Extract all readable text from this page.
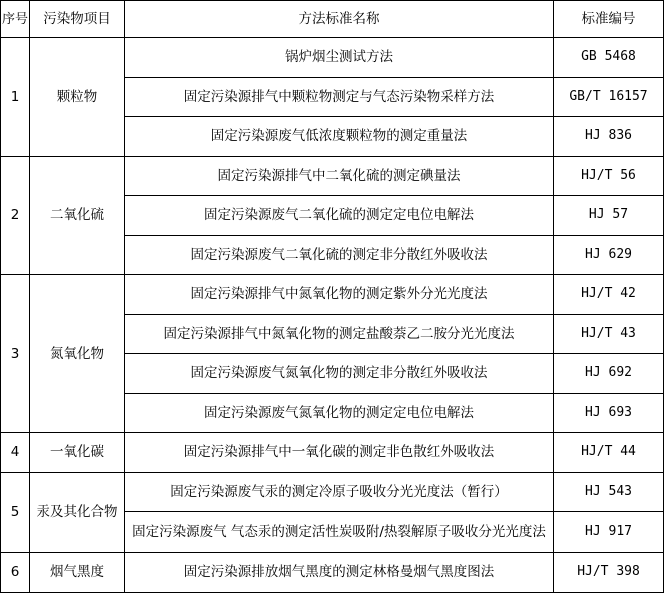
序号	污染物项目	方法标准名称	标准编号
1	颗粒物	锅炉烟尘测试方法	GB 5468
		固定污染源排气中颗粒物测定与气态污染物采样方法	GB/T 16157
		固定污染源废气低浓度颗粒物的测定重量法	HJ 836
2	二氧化硫	固定污染源排气中二氧化硫的测定碘量法	HJ/T 56
		固定污染源废气二氧化硫的测定定电位电解法	HJ 57
		固定污染源废气二氧化硫的测定非分散红外吸收法	HJ 629
3	氮氧化物	固定污染源排气中氮氧化物的测定紫外分光光度法	HJ/T 42
		固定污染源排气中氮氧化物的测定盐酸萘乙二胺分光光度法	HJ/T 43
		固定污染源废气氮氧化物的测定非分散红外吸收法	HJ 692
		固定污染源废气氮氧化物的测定定电位电解法	HJ 693
4	一氧化碳	固定污染源排气中一氧化碳的测定非色散红外吸收法	HJ/T 44
5	汞及其化合物	固定污染源废气汞的测定冷原子吸收分光光度法（暂行）	HJ 543
		固定污染源废气 气态汞的测定活性炭吸附/热裂解原子吸收分光光度法	HJ 917
6	烟气黑度	固定污染源排放烟气黑度的测定林格曼烟气黑度图法	HJ/T 398
